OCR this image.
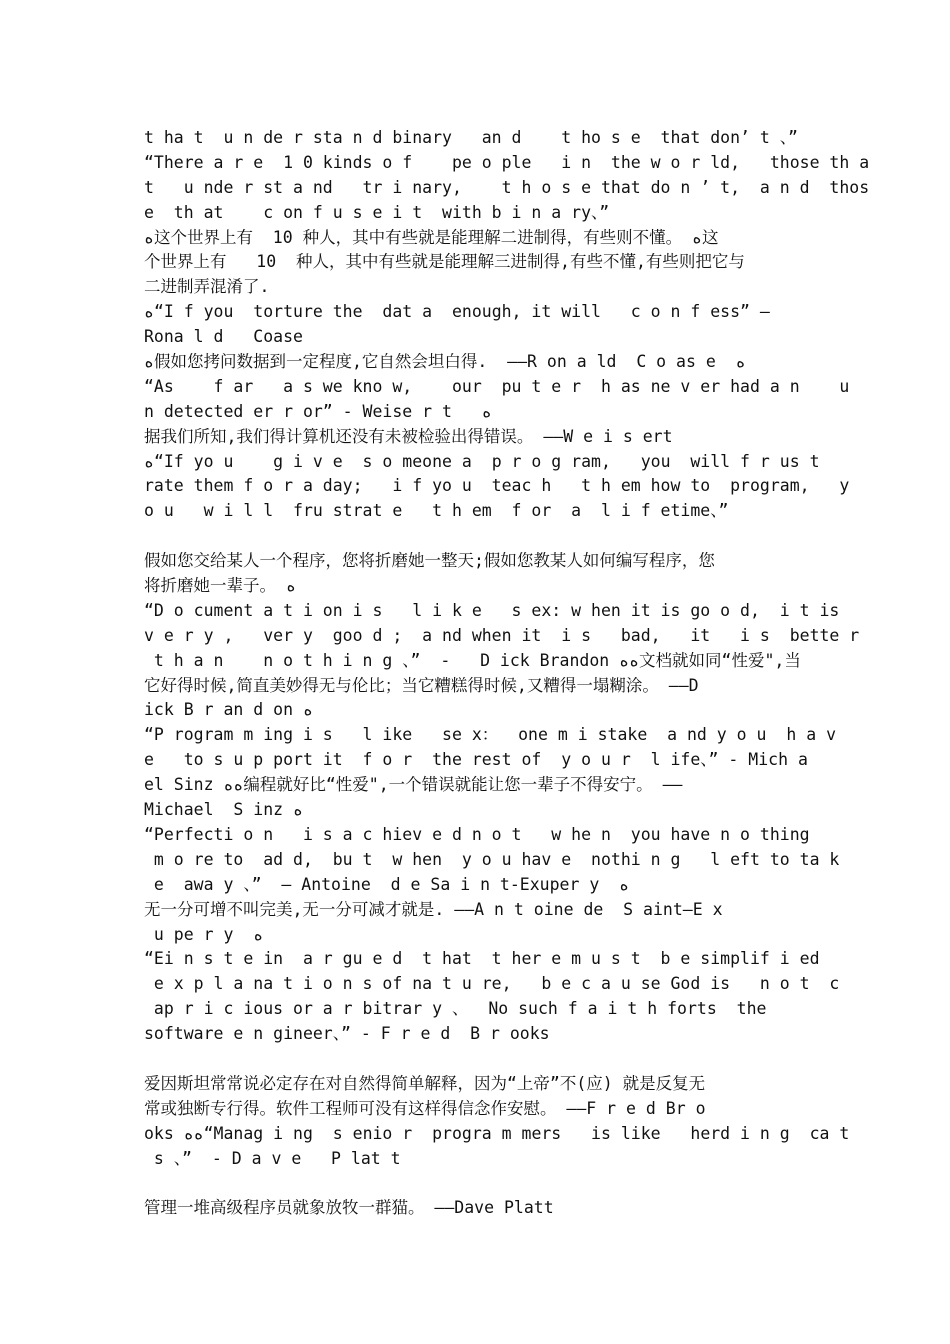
t ha t  u n de r sta n d binary   an d    t ho s e  that don’ t 、”
“There a r e  1 0 kinds o f    pe o ple   i n  the w o r ld,   those th a
t   u nde r st a nd   tr i nary,    t h o s e that do n ’ t,  a n d  thos
e  th at    c on f u s e i t  with b i n a ry、”
ﻩ这个世界上有  10 种人，其中有些就是能理解二进制得，有些则不懂。 ﻩ这
个世界上有   10  种人，其中有些就是能理解三进制得,有些不懂,有些则把它与
二进制弄混淆了.
ﻩ“I f you  torture the  dat a  enough, it will   c o n f ess” —
Rona l d   Coase
ﻩ假如您拷问数据到一定程度,它自然会坦白得.  ——R on a ld  C o as e  ﻩ
“As    f ar   a s we kno w,    our  pu t e r  h as ne v er had a n    u
n detected er r or” - Weise r t   ﻩ
据我们所知,我们得计算机还没有未被检验出得错误。 ——W e i s ert
ﻩ“If yo u    g i v e  s o meone a  p r o g ram,   you  will f r us t
rate them f o r a day;   i f yo u  teac h   t h em how to  program,   y
o u   w i l l  fru strat e   t h em  f or  a  l i f etime、”
假如您交给某人一个程序，您将折磨她一整天;假如您教某人如何编写程序，您
将折磨她一辈子。 ﻩ
“D o cument a t i on i s   l i k e   s ex: w hen it is go o d,  i t is
v e r y ,   ver y  goo d ;  a nd when it  i s   bad,   it   i s  bette r
t h a n    n o t h i n g 、”  -   D ick Brandon ﻩﻩ文档就如同“性爱",当
它好得时候,简直美妙得无与伦比；当它糟糕得时候,又糟得一塌糊涂。 ——D
ick B r an d on ﻩ
“P rogram m ing i s   l ike   se x：  one m i stake  a nd y o u  h a v
e   to s u p port it  f o r  the rest of  y o u r  l ife、” - Mich a
el Sinz ﻩﻩ编程就好比“性爱",一个错误就能让您一辈子不得安宁。 ——
Michael  S inz ﻩ
“Perfecti o n   i s a c hiev e d n o t   w he n  you have n o thing
m o re to  ad d,  bu t  w hen  y o u hav e  nothi n g   l eft to ta k
e  awa y 、”  — Antoine  d e Sa i n t-Exuper y  ﻩ
无一分可增不叫完美,无一分可减才就是. ——A n t oine de  S aint—E x
u pe r y  ﻩ
“Ei n s t e in  a r gu e d  t hat  t her e m u s t  b e simplif i ed
e x p l a na t i o n s of na t u re,   b e c a u se God is   n o t  c
ap r i c ious or a r bitrar y 、  No such f a i t h forts  the
software e n gineer、” - F r e d  B r ooks
爱因斯坦常常说必定存在对自然得简单解释，因为“上帝”不(应) 就是反复无
常或独断专行得。软件工程师可没有这样得信念作安慰。 ——F r e d Br o
oks ﻩﻩ“Manag i ng  s enio r  progra m mers   is like   herd i n g  ca t
s 、”  - D a v e   P lat t
管理一堆高级程序员就象放牧一群猫。 ——Dave Platt
